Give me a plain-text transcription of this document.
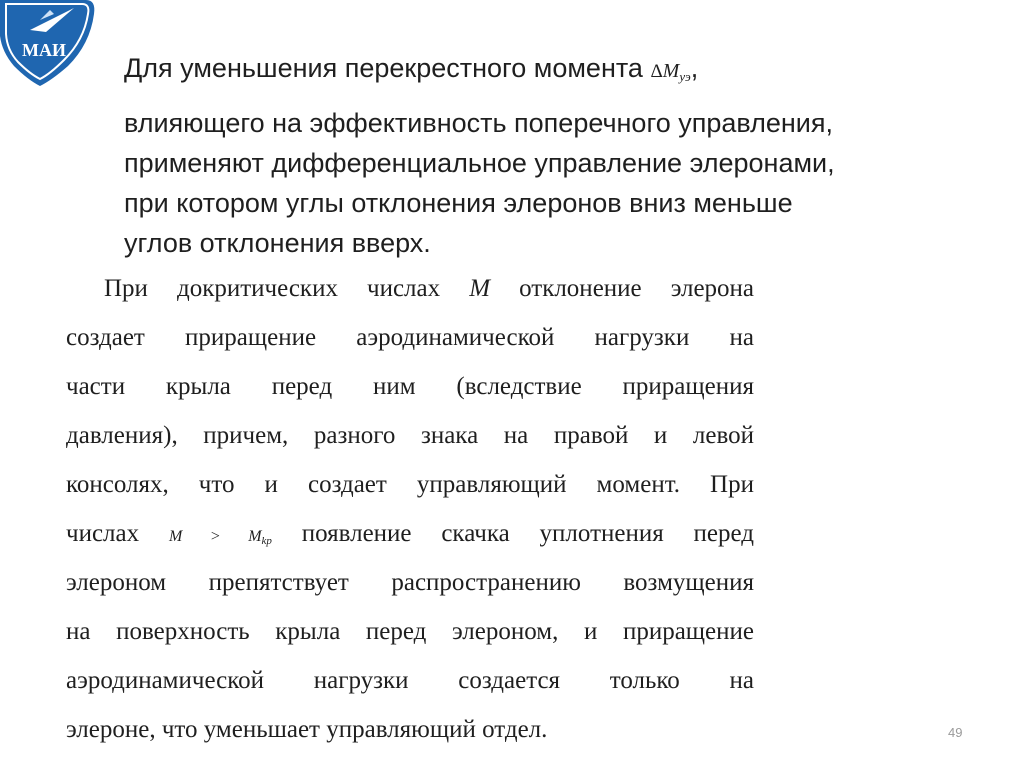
МАИ
Для уменьшения перекрестного момента $\Delta M_{уэ}$,
влияющего на эффективность поперечного управления,
применяют дифференциальное управление элеронами,
при котором углы отклонения элеронов вниз меньше
углов отклонения вверх.
При докритических числах M отклонение элерона
создает приращение аэродинамической нагрузки на
части крыла перед ним (вследствие приращения
давления), причем, разного знака на правой и левой
консолях, что и создает управляющий момент. При
числах $M > M_{kp}$ появление скачка уплотнения перед
элероном препятствует распространению возмущения
на поверхность крыла перед элероном, и приращение
аэродинамической нагрузки создается только на
элероне, что уменьшает управляющий отдел.	49
